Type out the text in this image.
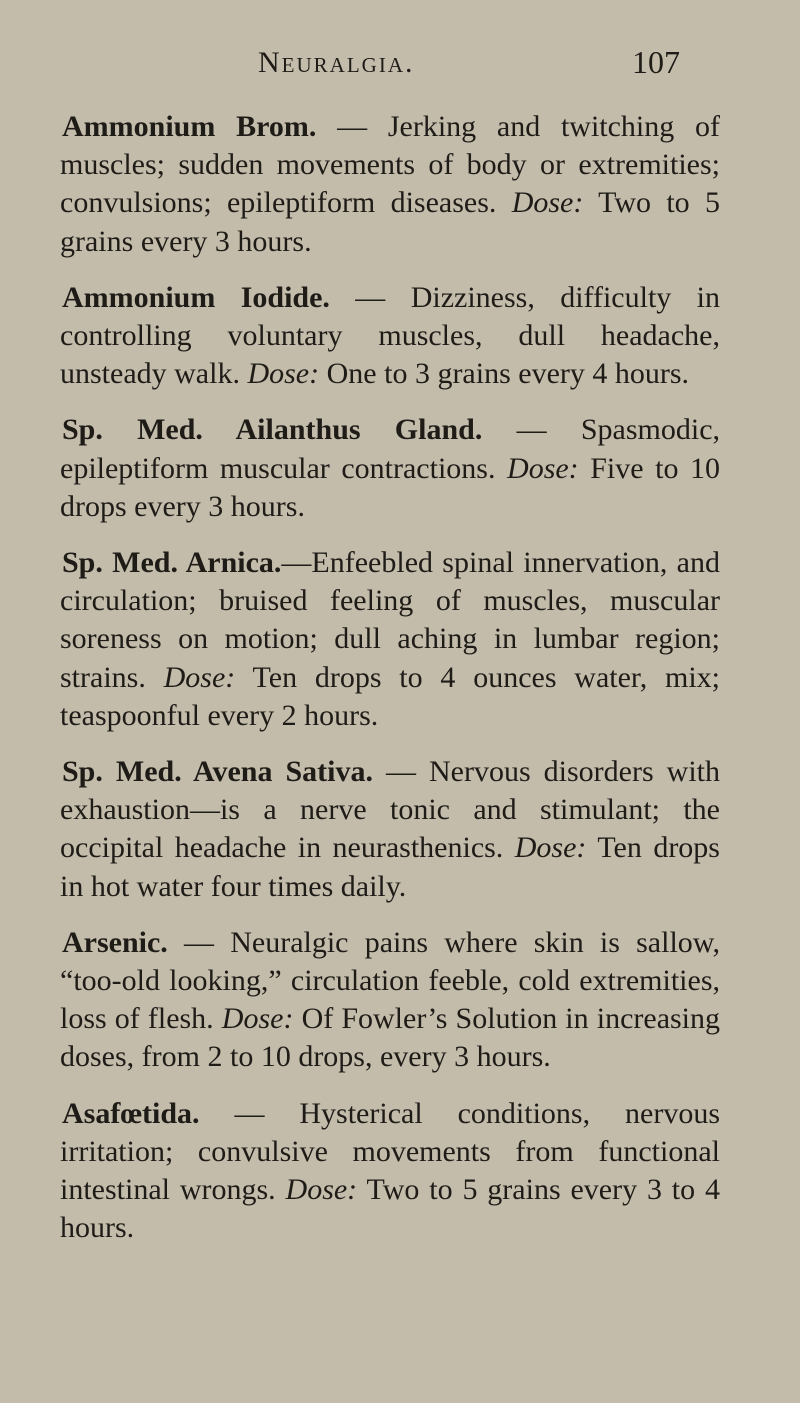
Neuralgia.	107

Ammonium Brom. — Jerking and twitching of muscles; sudden movements of body or extremities; convulsions; epileptiform diseases. Dose: Two to 5 grains every 3 hours.

Ammonium Iodide. — Dizziness, difficulty in controlling voluntary muscles, dull headache, unsteady walk. Dose: One to 3 grains every 4 hours.

Sp. Med. Ailanthus Gland. — Spasmodic, epileptiform muscular contractions. Dose: Five to 10 drops every 3 hours.

Sp. Med. Arnica.—Enfeebled spinal innervation, and circulation; bruised feeling of muscles, muscular soreness on motion; dull aching in lumbar region; strains. Dose: Ten drops to 4 ounces water, mix; teaspoonful every 2 hours.

Sp. Med. Avena Sativa. — Nervous disorders with exhaustion—is a nerve tonic and stimulant; the occipital headache in neurasthenics. Dose: Ten drops in hot water four times daily.

Arsenic. — Neuralgic pains where skin is sallow, “too-old looking,” circulation feeble, cold extremities, loss of flesh. Dose: Of Fowler’s Solution in increasing doses, from 2 to 10 drops, every 3 hours.

Asafœtida. — Hysterical conditions, nervous irritation; convulsive movements from functional intestinal wrongs. Dose: Two to 5 grains every 3 to 4 hours.
